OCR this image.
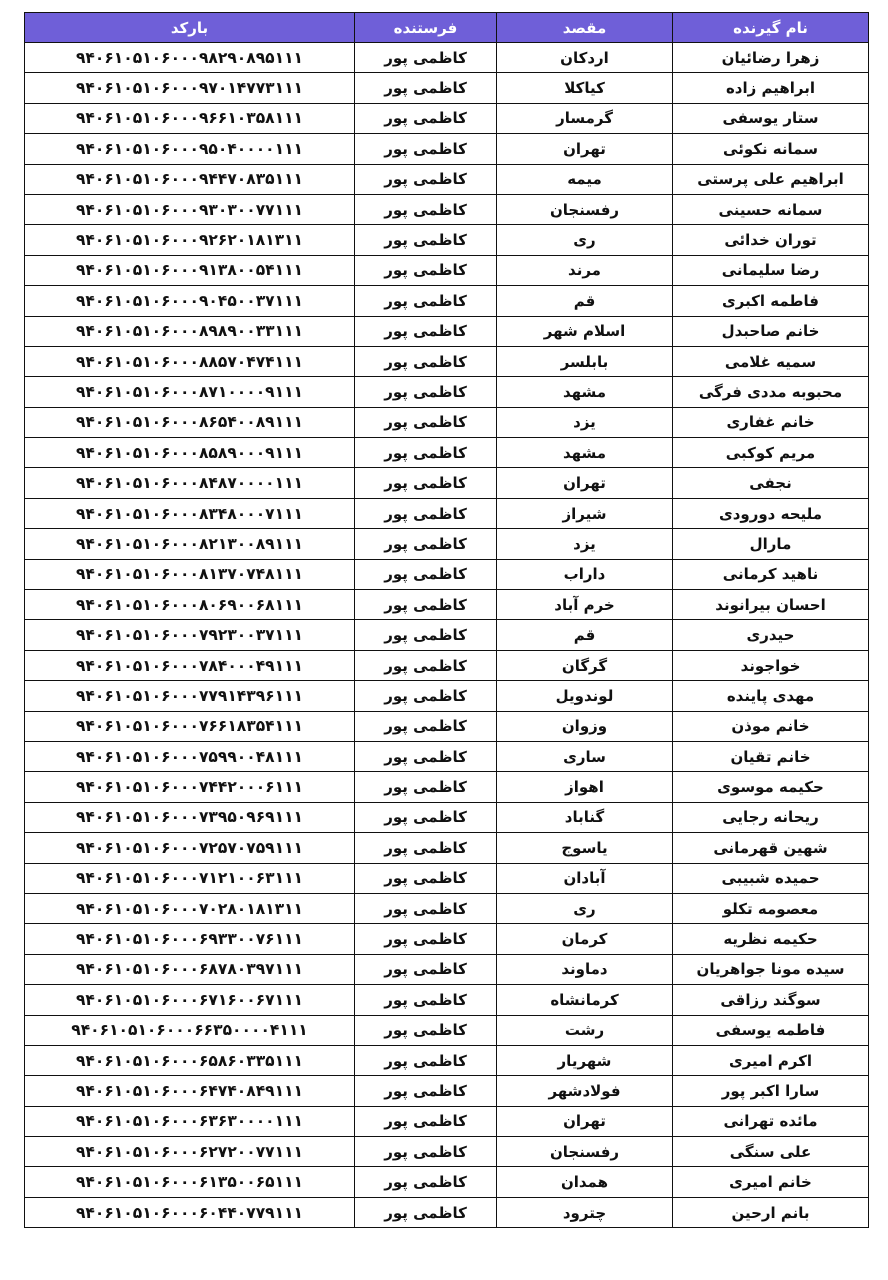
نام گیرنده	مقصد	فرستنده	بارکد
زهرا رضائیان	اردکان	کاظمی پور	۹۴۰۶۱۰۵۱۰۶۰۰۰۹۸۲۹۰۸۹۵۱۱۱
ابراهیم زاده	کیاکلا	کاظمی پور	۹۴۰۶۱۰۵۱۰۶۰۰۰۹۷۰۱۴۷۷۳۱۱۱
ستار یوسفی	گرمسار	کاظمی پور	۹۴۰۶۱۰۵۱۰۶۰۰۰۹۶۶۱۰۳۵۸۱۱۱
سمانه نکوئی	تهران	کاظمی پور	۹۴۰۶۱۰۵۱۰۶۰۰۰۹۵۰۴۰۰۰۰۱۱۱
ابراهیم علی پرستی	میمه	کاظمی پور	۹۴۰۶۱۰۵۱۰۶۰۰۰۹۴۴۷۰۸۳۵۱۱۱
سمانه حسینی	رفسنجان	کاظمی پور	۹۴۰۶۱۰۵۱۰۶۰۰۰۹۳۰۳۰۰۷۷۱۱۱
توران خدائی	ری	کاظمی پور	۹۴۰۶۱۰۵۱۰۶۰۰۰۹۲۶۲۰۱۸۱۳۱۱
رضا سلیمانی	مرند	کاظمی پور	۹۴۰۶۱۰۵۱۰۶۰۰۰۹۱۳۸۰۰۵۴۱۱۱
فاطمه اکبری	قم	کاظمی پور	۹۴۰۶۱۰۵۱۰۶۰۰۰۹۰۴۵۰۰۳۷۱۱۱
خانم صاحبدل	اسلام شهر	کاظمی پور	۹۴۰۶۱۰۵۱۰۶۰۰۰۸۹۸۹۰۰۳۳۱۱۱
سمیه غلامی	بابلسر	کاظمی پور	۹۴۰۶۱۰۵۱۰۶۰۰۰۸۸۵۷۰۴۷۴۱۱۱
محبوبه مددی فرگی	مشهد	کاظمی پور	۹۴۰۶۱۰۵۱۰۶۰۰۰۸۷۱۰۰۰۰۹۱۱۱
خانم غفاری	یزد	کاظمی پور	۹۴۰۶۱۰۵۱۰۶۰۰۰۸۶۵۴۰۰۸۹۱۱۱
مریم کوکبی	مشهد	کاظمی پور	۹۴۰۶۱۰۵۱۰۶۰۰۰۸۵۸۹۰۰۰۹۱۱۱
نجفی	تهران	کاظمی پور	۹۴۰۶۱۰۵۱۰۶۰۰۰۸۴۸۷۰۰۰۰۱۱۱
ملیحه دورودی	شیراز	کاظمی پور	۹۴۰۶۱۰۵۱۰۶۰۰۰۸۳۴۸۰۰۰۷۱۱۱
مارال	یزد	کاظمی پور	۹۴۰۶۱۰۵۱۰۶۰۰۰۸۲۱۳۰۰۸۹۱۱۱
ناهید کرمانی	داراب	کاظمی پور	۹۴۰۶۱۰۵۱۰۶۰۰۰۸۱۳۷۰۷۴۸۱۱۱
احسان بیرانوند	خرم آباد	کاظمی پور	۹۴۰۶۱۰۵۱۰۶۰۰۰۸۰۶۹۰۰۶۸۱۱۱
حیدری	قم	کاظمی پور	۹۴۰۶۱۰۵۱۰۶۰۰۰۷۹۲۳۰۰۳۷۱۱۱
خواجوند	گرگان	کاظمی پور	۹۴۰۶۱۰۵۱۰۶۰۰۰۷۸۴۰۰۰۴۹۱۱۱
مهدی پاینده	لوندویل	کاظمی پور	۹۴۰۶۱۰۵۱۰۶۰۰۰۷۷۹۱۴۳۹۶۱۱۱
خانم موذن	وزوان	کاظمی پور	۹۴۰۶۱۰۵۱۰۶۰۰۰۷۶۶۱۸۳۵۴۱۱۱
خانم تقیان	ساری	کاظمی پور	۹۴۰۶۱۰۵۱۰۶۰۰۰۷۵۹۹۰۰۴۸۱۱۱
حکیمه موسوی	اهواز	کاظمی پور	۹۴۰۶۱۰۵۱۰۶۰۰۰۷۴۴۲۰۰۰۶۱۱۱
ریحانه رجایی	گناباد	کاظمی پور	۹۴۰۶۱۰۵۱۰۶۰۰۰۷۳۹۵۰۹۶۹۱۱۱
شهین قهرمانی	یاسوج	کاظمی پور	۹۴۰۶۱۰۵۱۰۶۰۰۰۷۲۵۷۰۷۵۹۱۱۱
حمیده شبیبی	آبادان	کاظمی پور	۹۴۰۶۱۰۵۱۰۶۰۰۰۷۱۲۱۰۰۶۳۱۱۱
معصومه تکلو	ری	کاظمی پور	۹۴۰۶۱۰۵۱۰۶۰۰۰۷۰۲۸۰۱۸۱۳۱۱
حکیمه نظریه	کرمان	کاظمی پور	۹۴۰۶۱۰۵۱۰۶۰۰۰۶۹۳۳۰۰۷۶۱۱۱
سیده مونا جواهریان	دماوند	کاظمی پور	۹۴۰۶۱۰۵۱۰۶۰۰۰۶۸۷۸۰۳۹۷۱۱۱
سوگند رزاقی	کرمانشاه	کاظمی پور	۹۴۰۶۱۰۵۱۰۶۰۰۰۶۷۱۶۰۰۶۷۱۱۱
فاطمه یوسفی	رشت	کاظمی پور	۹۴۰۶۱۰۵۱۰۶۰۰۰۶۶۳۵۰۰۰۰۴۱۱۱
اکرم امیری	شهریار	کاظمی پور	۹۴۰۶۱۰۵۱۰۶۰۰۰۶۵۸۶۰۳۳۵۱۱۱
سارا اکبر پور	فولادشهر	کاظمی پور	۹۴۰۶۱۰۵۱۰۶۰۰۰۶۴۷۴۰۸۴۹۱۱۱
مائده تهرانی	تهران	کاظمی پور	۹۴۰۶۱۰۵۱۰۶۰۰۰۶۳۶۳۰۰۰۰۱۱۱
علی سنگی	رفسنجان	کاظمی پور	۹۴۰۶۱۰۵۱۰۶۰۰۰۶۲۷۲۰۰۷۷۱۱۱
خانم امیری	همدان	کاظمی پور	۹۴۰۶۱۰۵۱۰۶۰۰۰۶۱۳۵۰۰۶۵۱۱۱
بانم ارحین	چترود	کاظمی پور	۹۴۰۶۱۰۵۱۰۶۰۰۰۶۰۴۴۰۷۷۹۱۱۱
